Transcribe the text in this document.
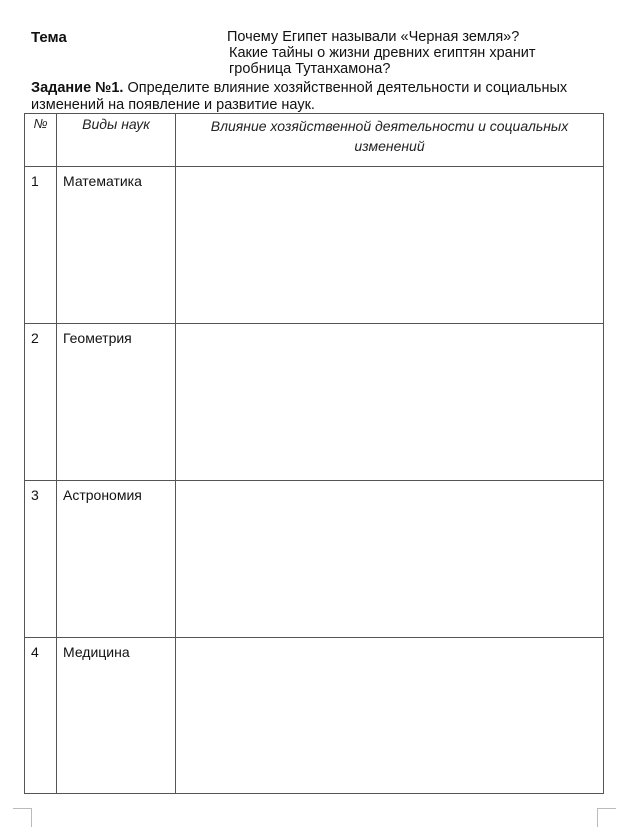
Тема	Почему Египет называли «Черная земля»?
Какие тайны о жизни древних египтян хранит
гробница Тутанхамона?
Задание №1. Определите влияние хозяйственной деятельности и социальных изменений на появление и развитие наук.
№	Виды наук	Влияние хозяйственной деятельности и социальных изменений
1	Математика	
2	Геометрия	
3	Астрономия	
4	Медицина	
